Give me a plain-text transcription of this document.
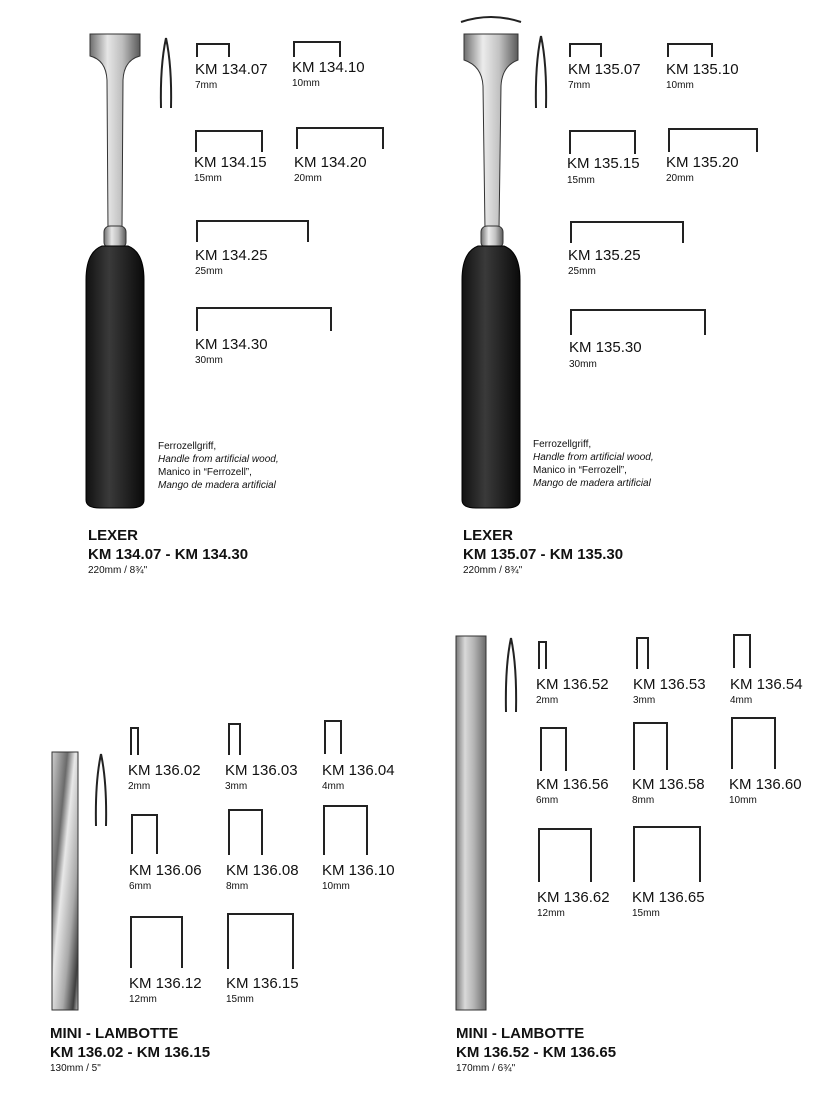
KM 134.07
7mm
KM 134.10
10mm
KM 134.15
15mm
KM 134.20
20mm
KM 134.25
25mm
KM 134.30
30mm
Ferrozellgriff,
Handle from artificial wood,
Manico in “Ferrozell”,
Mango de madera artificial
LEXER
KM 134.07 - KM 134.30
220mm / 8¾"
KM 135.07
7mm
KM 135.10
10mm
KM 135.15
15mm
KM 135.20
20mm
KM 135.25
25mm
KM 135.30
30mm
Ferrozellgriff,
Handle from artificial wood,
Manico in “Ferrozell”,
Mango de madera artificial
LEXER
KM 135.07 - KM 135.30
220mm / 8¾"
KM 136.02
2mm
KM 136.03
3mm
KM 136.04
4mm
KM 136.06
6mm
KM 136.08
8mm
KM 136.10
10mm
KM 136.12
12mm
KM 136.15
15mm
MINI - LAMBOTTE
KM 136.02 - KM 136.15
130mm / 5"
KM 136.52
2mm
KM 136.53
3mm
KM 136.54
4mm
KM 136.56
6mm
KM 136.58
8mm
KM 136.60
10mm
KM 136.62
12mm
KM 136.65
15mm
MINI - LAMBOTTE
KM 136.52 - KM 136.65
170mm / 6¾"
